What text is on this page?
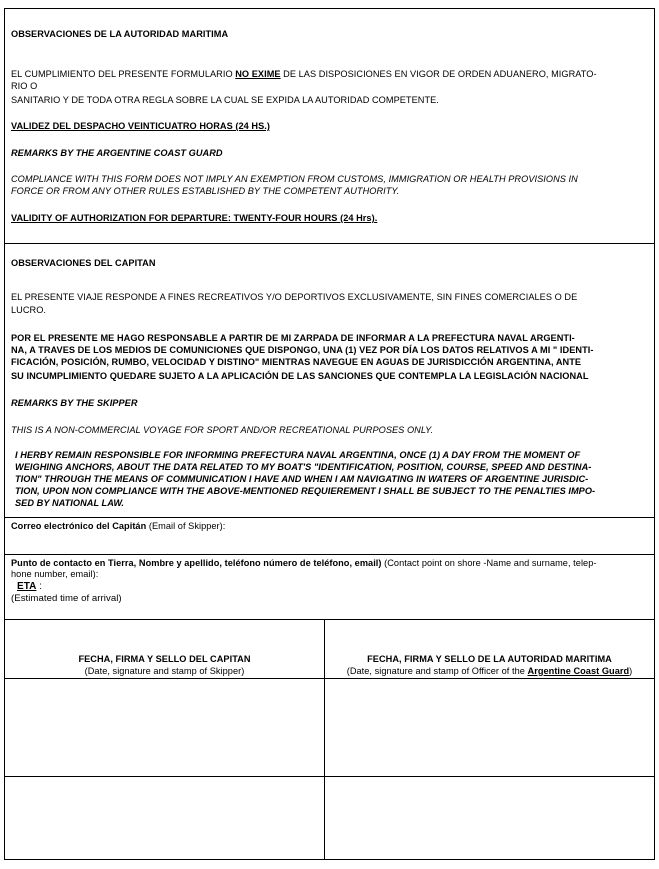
OBSERVACIONES DE LA AUTORIDAD MARITIMA
EL CUMPLIMIENTO DEL PRESENTE FORMULARIO NO EXIME DE LAS DISPOSICIONES EN VIGOR DE ORDEN ADUANERO, MIGRATO-
RIO O
SANITARIO Y DE TODA OTRA REGLA SOBRE LA CUAL SE EXPIDA LA AUTORIDAD COMPETENTE.
VALIDEZ DEL DESPACHO VEINTICUATRO HORAS (24 HS.)
REMARKS BY THE ARGENTINE COAST GUARD
COMPLIANCE WITH THIS FORM DOES NOT IMPLY AN EXEMPTION FROM CUSTOMS, IMMIGRATION OR HEALTH PROVISIONS IN
FORCE OR FROM ANY OTHER RULES ESTABLISHED BY THE COMPETENT AUTHORITY.
VALIDITY OF AUTHORIZATION FOR DEPARTURE: TWENTY-FOUR HOURS (24 Hrs).
OBSERVACIONES DEL CAPITAN
EL PRESENTE VIAJE RESPONDE A FINES RECREATIVOS Y/O DEPORTIVOS EXCLUSIVAMENTE, SIN FINES COMERCIALES O DE
LUCRO.
POR EL PRESENTE ME HAGO RESPONSABLE A PARTIR DE MI ZARPADA DE INFORMAR A LA PREFECTURA NAVAL ARGENTI-
NA, A TRAVES DE LOS MEDIOS DE COMUNICIONES QUE DISPONGO, UNA (1) VEZ POR DÍA LOS DATOS RELATIVOS A MI " IDENTI-
FICACIÓN, POSICIÓN, RUMBO, VELOCIDAD Y DISTINO" MIENTRAS NAVEGUE EN AGUAS DE JURISDICCIÓN ARGENTINA, ANTE
SU INCUMPLIMIENTO QUEDARE SUJETO A LA APLICACIÓN DE LAS SANCIONES QUE CONTEMPLA LA LEGISLACIÓN NACIONAL
REMARKS BY THE SKIPPER
THIS IS A NON-COMMERCIAL VOYAGE FOR SPORT AND/OR RECREATIONAL PURPOSES ONLY.
I HERBY REMAIN RESPONSIBLE FOR INFORMING PREFECTURA NAVAL ARGENTINA, ONCE (1) A DAY FROM THE MOMENT OF
WEIGHING ANCHORS, ABOUT THE DATA RELATED TO MY BOAT'S "IDENTIFICATION, POSITION, COURSE, SPEED AND DESTINA-
TION" THROUGH THE MEANS OF COMMUNICATION I HAVE AND WHEN I AM NAVIGATING IN WATERS OF ARGENTINE JURISDIC-
TION, UPON NON COMPLIANCE WITH THE ABOVE-MENTIONED REQUIEREMENT I SHALL BE SUBJECT TO THE PENALTIES IMPO-
SED BY NATIONAL LAW.
Correo electrónico del Capitán (Email of Skipper):
Punto de contacto en Tierra, Nombre y apellido, teléfono número de teléfono, email) (Contact point on shore -Name and surname, telep-
hone number, email):
ETA :
(Estimated time of arrival)
FECHA, FIRMA Y SELLO DEL CAPITAN
(Date, signature and stamp of Skipper)
FECHA, FIRMA Y SELLO DE LA AUTORIDAD MARITIMA
(Date, signature and stamp of Officer of the Argentine Coast Guard)
